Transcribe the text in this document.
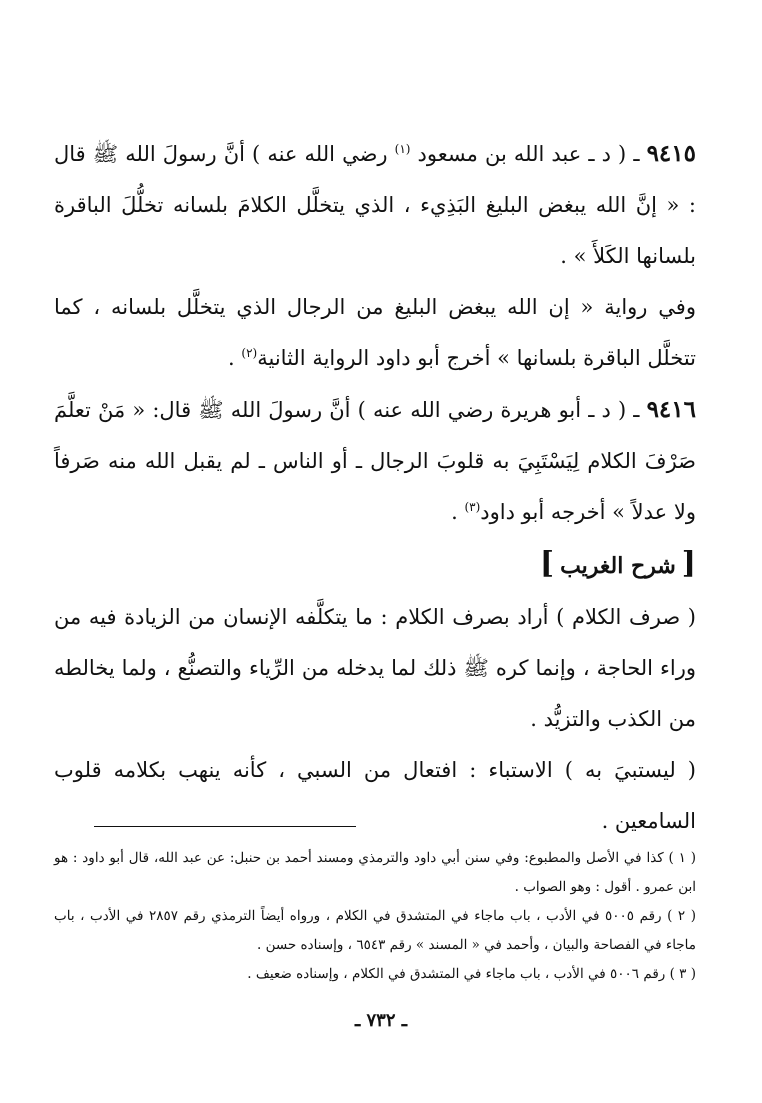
٩٤١٥ ـ ( د ـ عبد الله بن مسعود $^{(١)}$ رضي الله عنه ) أنَّ رسولَ الله ﷺ قال : « إنَّ الله يبغض البليغ البَذِيء ، الذي يتخلَّل الكلامَ بلسانه تخلُّلَ الباقرة بلسانها الكَلأَ » .

وفي رواية « إن الله يبغض البليغ من الرجال الذي يتخلَّل بلسانه ، كما تتخلَّل الباقرة بلسانها » أخرج أبو داود الرواية الثانية$^{(٢)}$ .

٩٤١٦ ـ ( د ـ أبو هريرة رضي الله عنه ) أنَّ رسولَ الله ﷺ قال: « مَنْ تعلَّمَ صَرْفَ الكلام لِيَسْتَبِيَ به قلوبَ الرجال ـ أو الناس ـ لم يقبل الله منه صَرفاً ولا عدلاً » أخرجه أبو داود$^{(٣)}$ .

[شرح الغريب]

( صرف الكلام ) أراد بصرف الكلام : ما يتكلَّفه الإنسان من الزيادة فيه من وراء الحاجة ، وإنما كره ﷺ ذلك لما يدخله من الرِّياء والتصنُّع ، ولما يخالطه من الكذب والتزيُّد .

( ليستبيَ به ) الاستباء : افتعال من السبي ، كأنه ينهب بكلامه قلوب السامعين .

( ١ ) كذا في الأصل والمطبوع: وفي سنن أبي داود والترمذي ومسند أحمد بن حنبل: عن عبد الله، قال أبو داود : هو ابن عمرو . أقول : وهو الصواب .

( ٢ ) رقم ٥٠٠٥ في الأدب ، باب ماجاء في المتشدق في الكلام ، ورواه أيضاً الترمذي رقم ٢٨٥٧ في الأدب ، باب ماجاء في الفصاحة والبيان ، وأحمد في « المسند » رقم ٦٥٤٣ ، وإسناده حسن .

( ٣ ) رقم ٥٠٠٦ في الأدب ، باب ماجاء في المتشدق في الكلام ، وإسناده ضعيف .

ـ ٧٣٢ ـ
